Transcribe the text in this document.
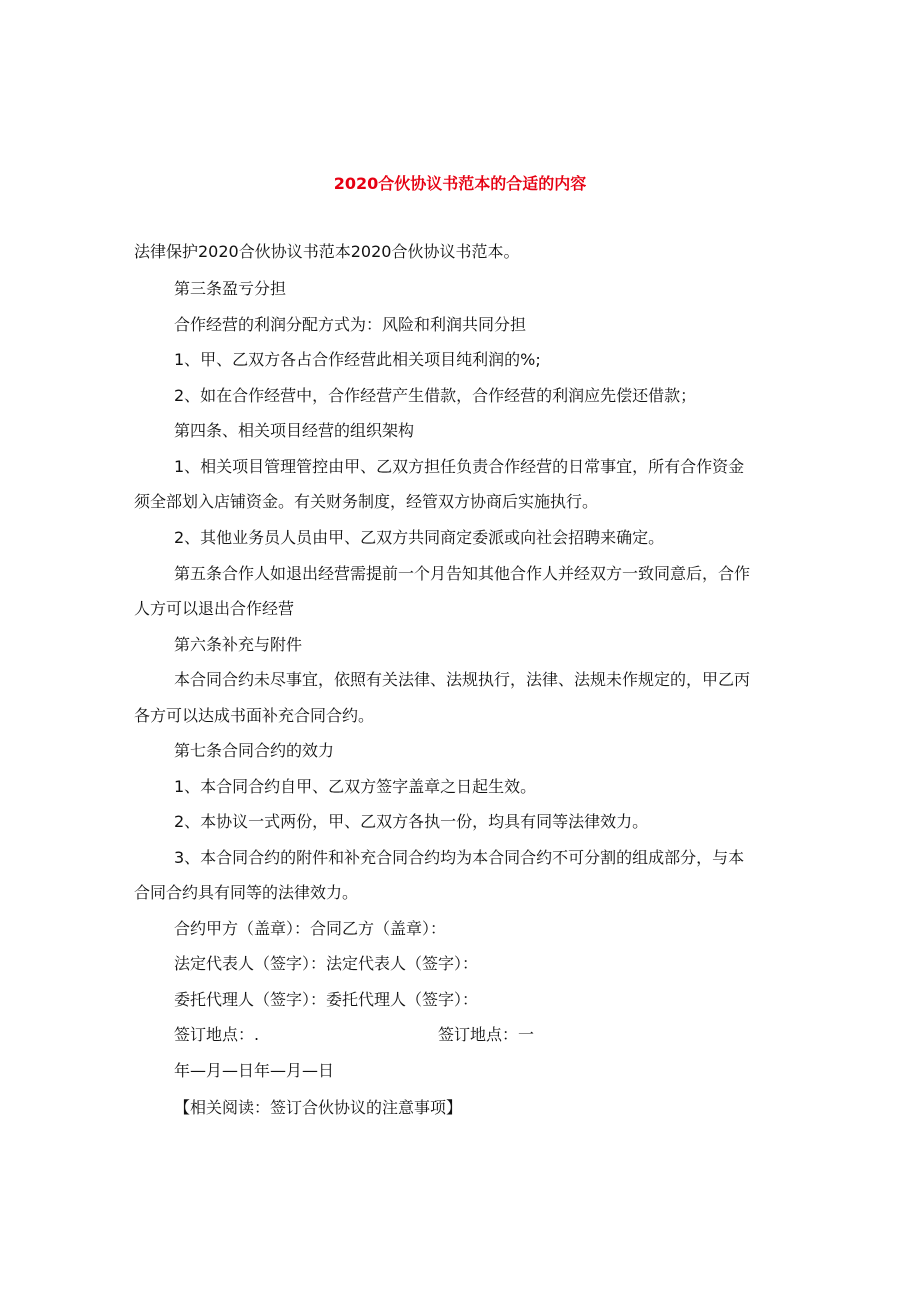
2020合伙协议书范本的合适的内容

法律保护2020合伙协议书范本2020合伙协议书范本。

第三条盈亏分担

合作经营的利润分配方式为：风险和利润共同分担

1、甲、乙双方各占合作经营此相关项目纯利润的%;

2、如在合作经营中，合作经营产生借款，合作经营的利润应先偿还借款；

第四条、相关项目经营的组织架构

1、相关项目管理管控由甲、乙双方担任负责合作经营的日常事宜，所有合作资金

须全部划入店铺资金。有关财务制度，经管双方协商后实施执行。

2、其他业务员人员由甲、乙双方共同商定委派或向社会招聘来确定。

第五条合作人如退出经营需提前一个月告知其他合作人并经双方一致同意后，合作

人方可以退出合作经营

第六条补充与附件

本合同合约未尽事宜，依照有关法律、法规执行，法律、法规未作规定的，甲乙丙

各方可以达成书面补充合同合约。

第七条合同合约的效力

1、本合同合约自甲、乙双方签字盖章之日起生效。

2、本协议一式两份，甲、乙双方各执一份，均具有同等法律效力。

3、本合同合约的附件和补充合同合约均为本合同合约不可分割的组成部分，与本

合同合约具有同等的法律效力。

合约甲方（盖章）：合同乙方（盖章）：

法定代表人（签字）：法定代表人（签字）：

委托代理人（签字）：委托代理人（签字）：

签订地点：.	签订地点：一

年—月—日年—月—日

【相关阅读：签订合伙协议的注意事项】
